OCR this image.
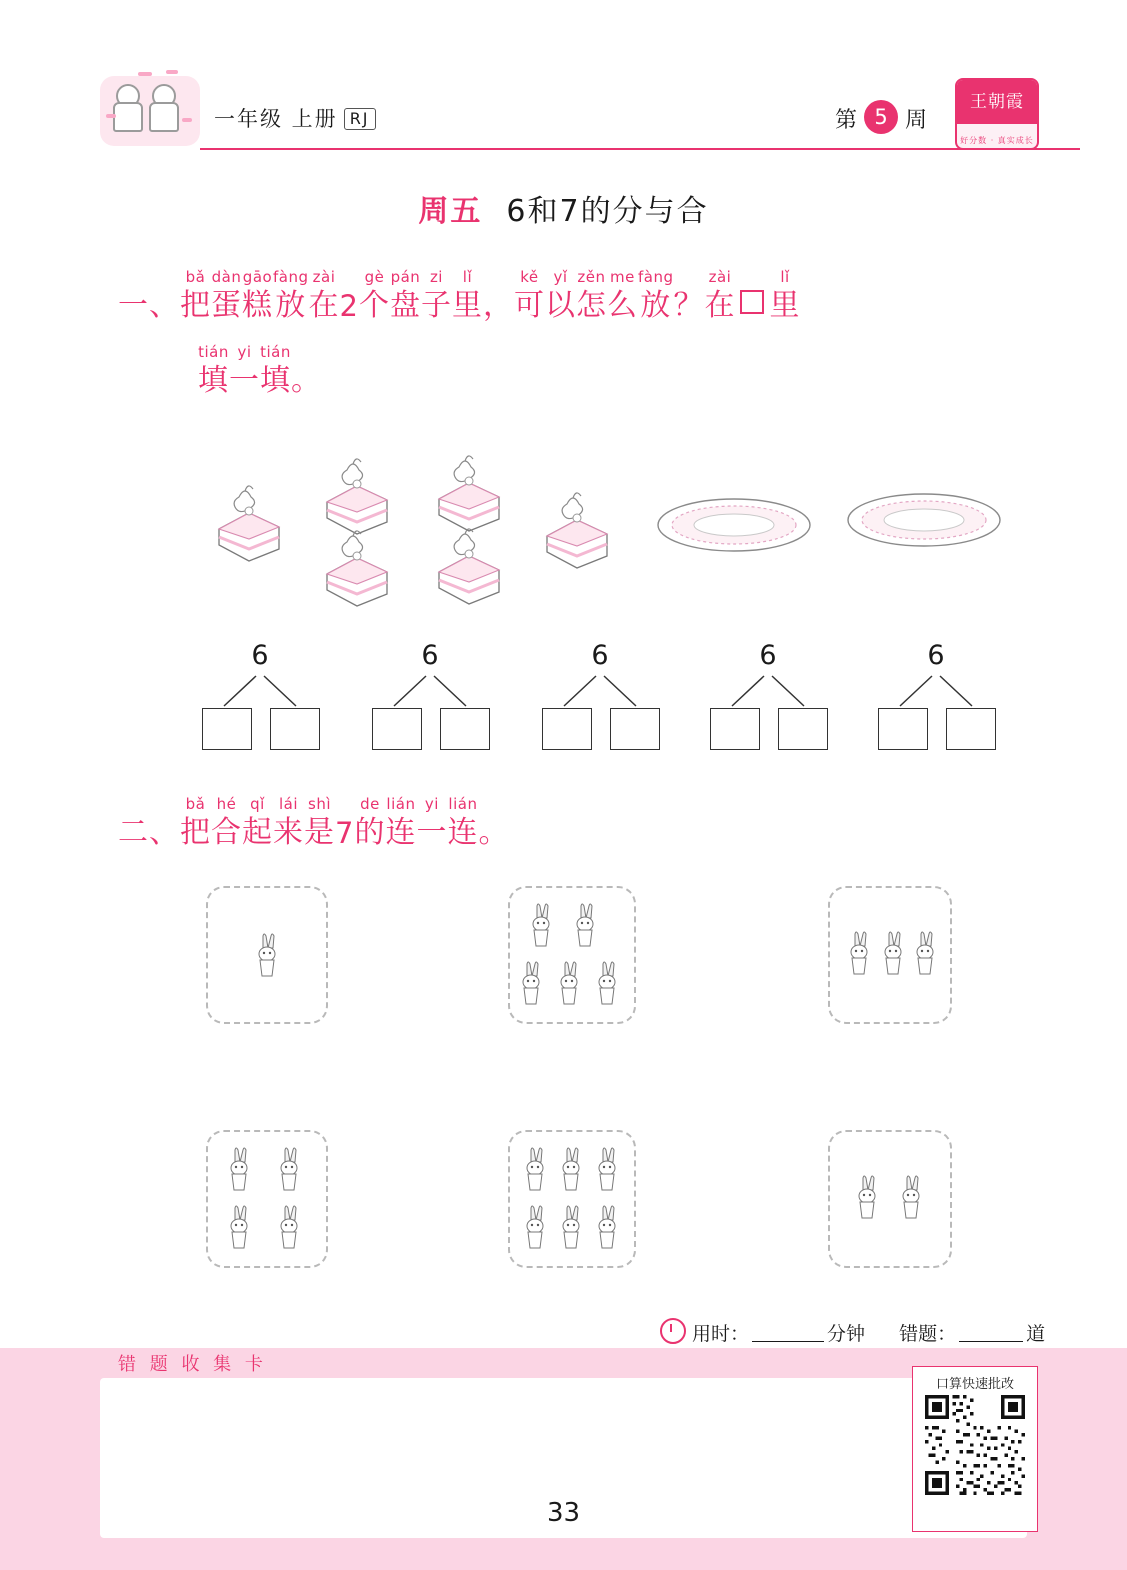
一年级 上册 RJ	第 5 周
王朝霞
好分数 · 真实成长
周五 6和7的分与合
一、
bǎ
把
dàn
蛋
gāo
糕
fàng
放
zài
在 2
gè
个
pán
盘
zi
子
lǐ
里 ，
kě
可
yǐ
以
zěn
怎
me
么
fàng
放 ？
zài
在
lǐ
里
tián
填
yi
一
tián
填 。
6	6	6	6	6
二、
bǎ
把
hé
合
qǐ
起
lái
来
shì
是 7
de
的
lián
连
yi
一
lián
连 。
用时：	分钟 错题：	道
错 题 收 集 卡
口算快速批改
33
